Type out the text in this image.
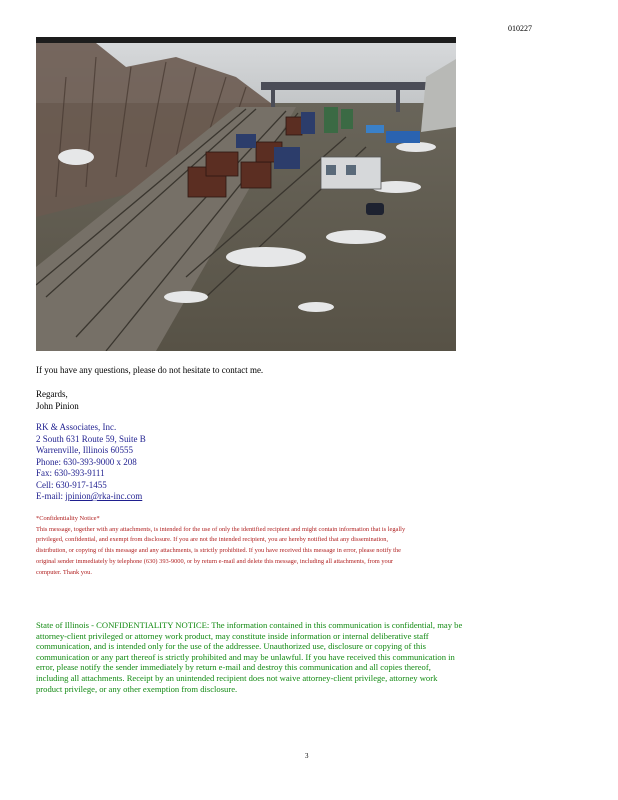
010227
If you have any questions, please do not hesitate to contact me.
Regards,
John Pinion
RK & Associates, Inc.
2 South 631 Route 59, Suite B
Warrenville, Illinois 60555
Phone: 630-393-9000 x 208
Fax: 630-393-9111
Cell: 630-917-1455
E-mail: jpinion@rka-inc.com
*Confidentiality Notice*
This message, together with any attachments, is intended for the use of only the identified recipient and might contain information that is legally
privileged, confidential, and exempt from disclosure. If you are not the intended recipient, you are hereby notified that any dissemination,
distribution, or copying of this message and any attachments, is strictly prohibited. If you have received this message in error, please notify the
original sender immediately by telephone (630) 393-9000, or by return e-mail and delete this message, including all attachments, from your
computer. Thank you.
State of Illinois - CONFIDENTIALITY NOTICE: The information contained in this communication is confidential, may be
attorney-client privileged or attorney work product, may constitute inside information or internal deliberative staff
communication, and is intended only for the use of the addressee. Unauthorized use, disclosure or copying of this
communication or any part thereof is strictly prohibited and may be unlawful. If you have received this communication in
error, please notify the sender immediately by return e-mail and destroy this communication and all copies thereof,
including all attachments. Receipt by an unintended recipient does not waive attorney-client privilege, attorney work
product privilege, or any other exemption from disclosure.
3
